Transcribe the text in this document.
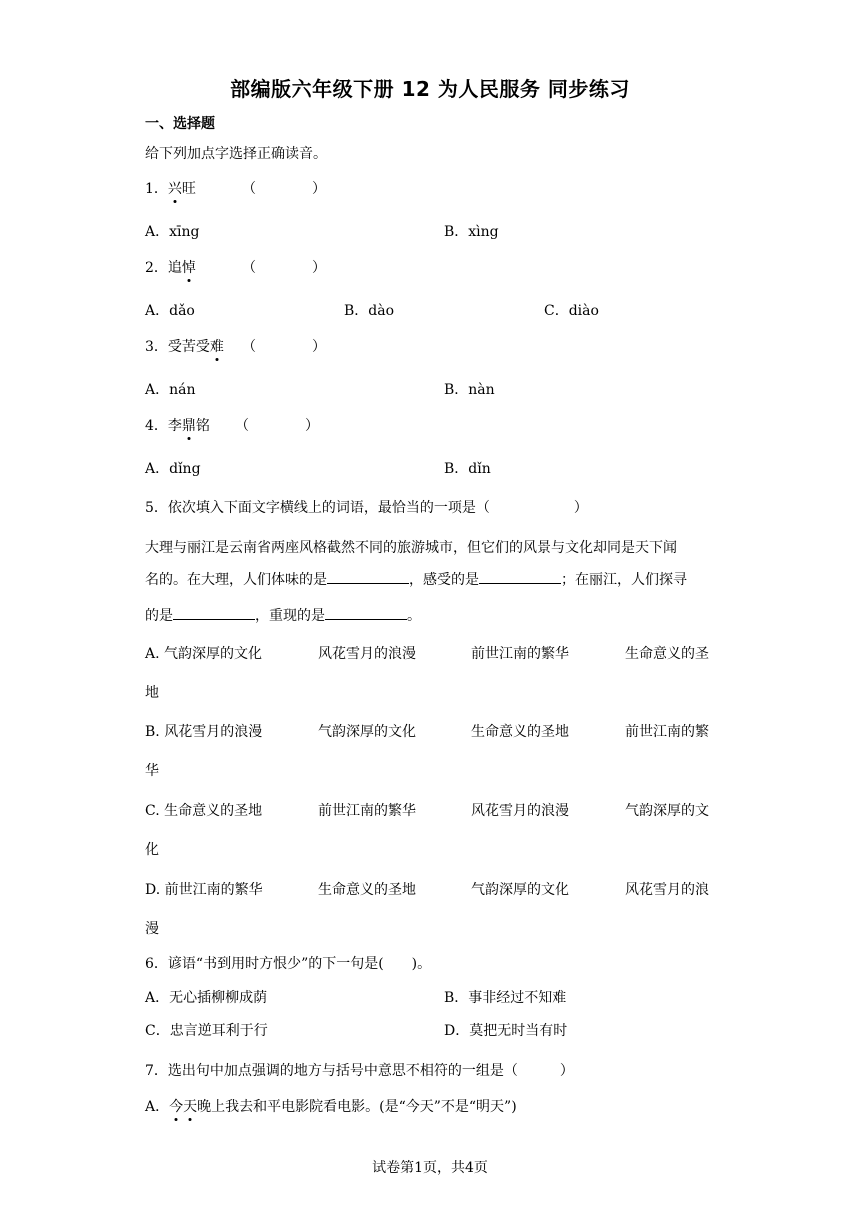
部编版六年级下册 12 为人民服务 同步练习
一、选择题
给下列加点字选择正确读音。
1．兴旺	（　　　　）
A．xīng	B．xìng
2．追悼	（　　　　）
A．dǎo	B．dào	C．diào
3．受苦受难 （　　　　）
A．nán	B．nàn
4．李鼎铭 （　　　　）
A．dǐng	B．dǐn
5．依次填入下面文字横线上的词语，最恰当的一项是（　　　　　　）
大理与丽江是云南省两座风格截然不同的旅游城市，但它们的风景与文化却同是天下闻
名的。在大理，人们体味的是	，感受的是	；在丽江，人们探寻
的是	，重现的是	。
A. 气韵深厚的文化	风花雪月的浪漫	前世江南的繁华	生命意义的圣
地
B. 风花雪月的浪漫	气韵深厚的文化	生命意义的圣地	前世江南的繁
华
C. 生命意义的圣地	前世江南的繁华	风花雪月的浪漫	气韵深厚的文
化
D. 前世江南的繁华	生命意义的圣地	气韵深厚的文化	风花雪月的浪
漫
6．谚语“书到用时方恨少”的下一句是(　　)。
A．无心插柳柳成荫	B．事非经过不知难
C．忠言逆耳利于行	D．莫把无时当有时
7．选出句中加点强调的地方与括号中意思不相符的一组是（　　　）
A．今天晚上我去和平电影院看电影。(是“今天”不是“明天”)
试卷第1页，共4页
